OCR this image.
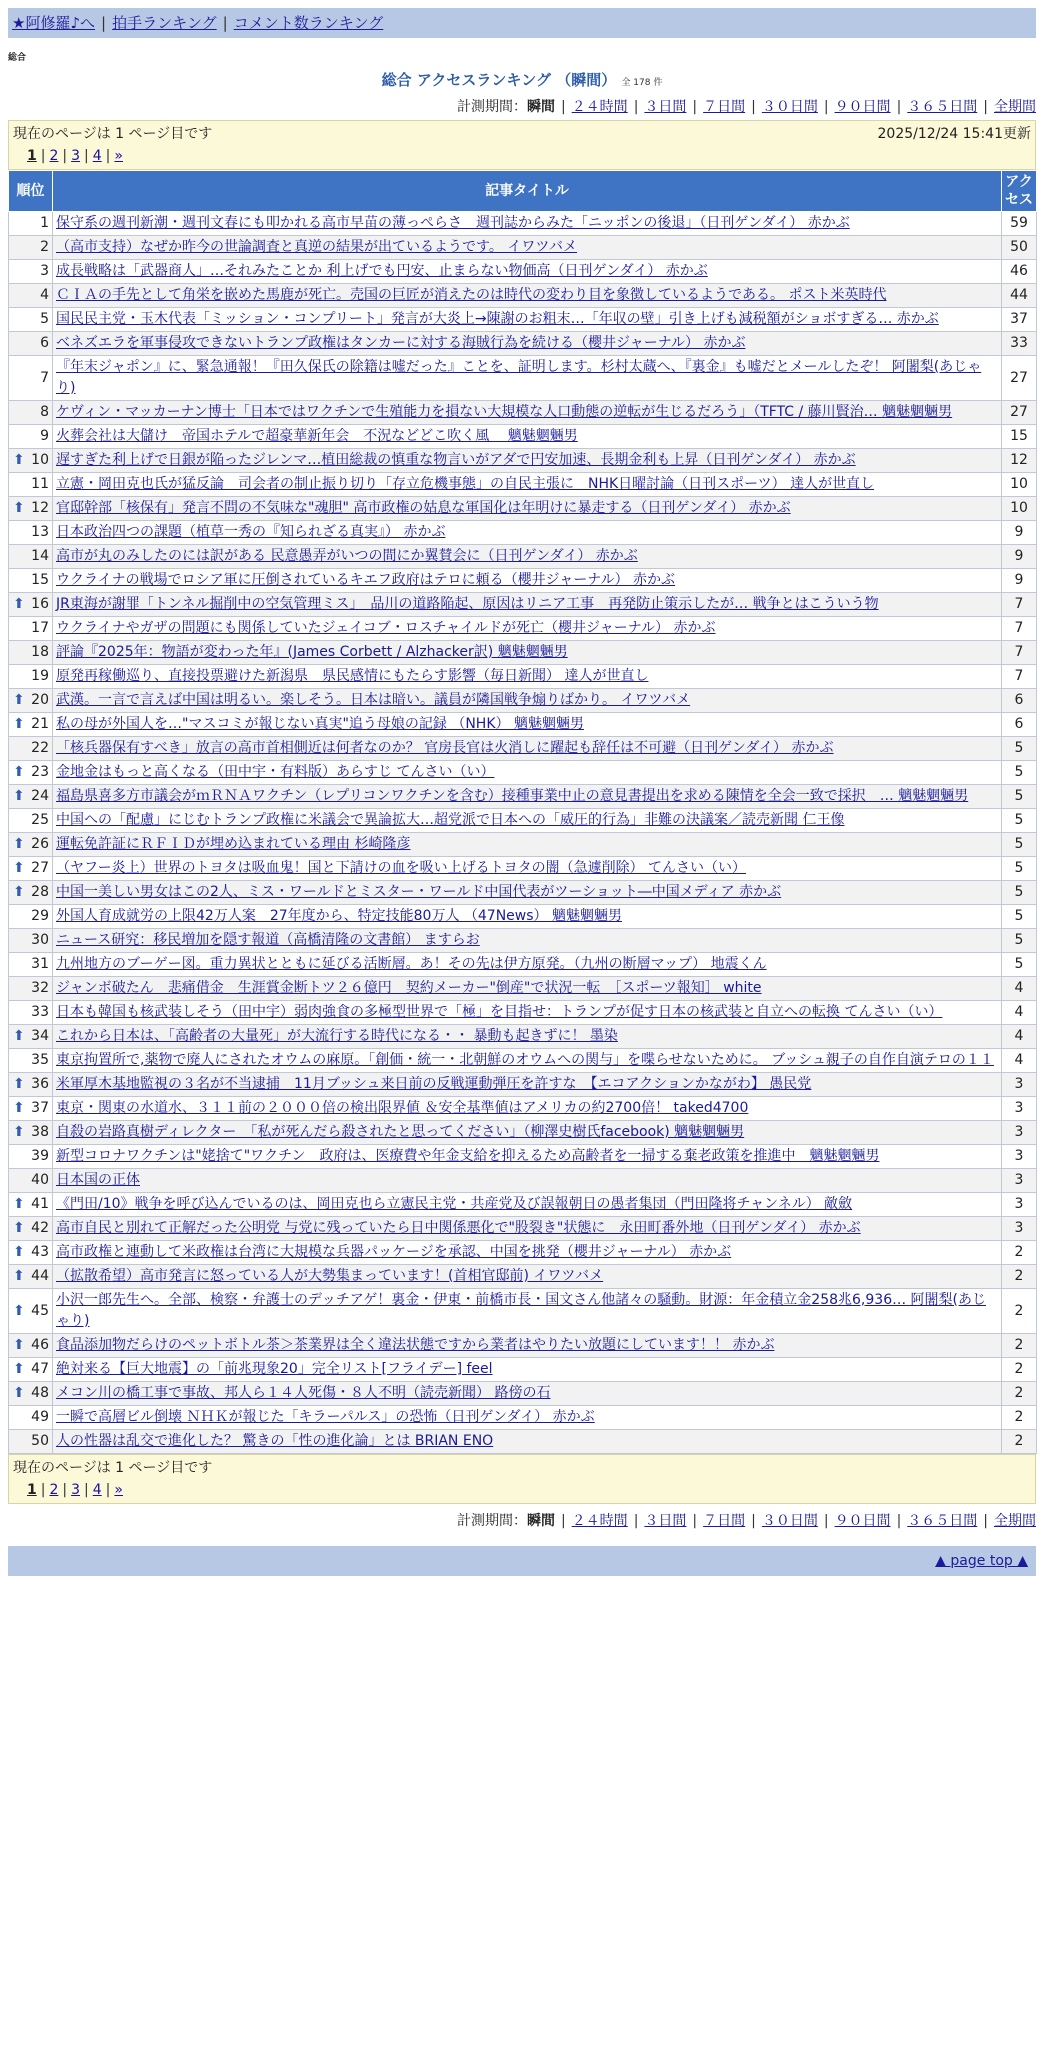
★阿修羅♪へ | 拍手ランキング | コメント数ランキング
総合
総合 アクセスランキング （瞬間） 全 178 件
計測期間：瞬間 | ２４時間 | ３日間 | ７日間 | ３０日間 | ９０日間 | ３６５日間 | 全期間
現在のページは 1 ページ目です	2025/12/24 15:41更新
1 | 2 | 3 | 4 | »
順位	記事タイトル	アクセス
1	保守系の週刊新潮・週刊文春にも叩かれる高市早苗の薄っぺらさ　週刊誌からみた「ニッポンの後退」（日刊ゲンダイ） 赤かぶ	59
2	（高市支持）なぜか昨今の世論調査と真逆の結果が出ているようです。 イワツバメ	50
3	成長戦略は「武器商人」…それみたことか 利上げでも円安、止まらない物価高（日刊ゲンダイ） 赤かぶ	46
4	ＣＩＡの手先として角栄を嵌めた馬鹿が死亡。売国の巨匠が消えたのは時代の変わり目を象徴しているようである。 ポスト米英時代	44
5	国民民主党・玉木代表「ミッション・コンプリート」発言が大炎上→陳謝のお粗末…「年収の壁」引き上げも減税額がショボすぎる… 赤かぶ	37
6	ベネズエラを軍事侵攻できないトランプ政権はタンカーに対する海賊行為を続ける（櫻井ジャーナル） 赤かぶ	33
7	『年末ジャポン』に、緊急通報！『田久保氏の除籍は嘘だった』ことを、証明します。杉村太蔵へ、『裏金』も嘘だとメールしたぞ！ 阿闍梨(あじゃり)	27
8	ケヴィン・マッカーナン博士「日本ではワクチンで生殖能力を損ない大規模な人口動態の逆転が生じるだろう」（TFTC / 藤川賢治… 魑魅魍魎男	27
9	火葬会社は大儲け　帝国ホテルで超豪華新年会　不況などどこ吹く風　 魑魅魍魎男	15

⬆ 10	遅すぎた利上げで日銀が陥ったジレンマ…植田総裁の慎重な物言いがアダで円安加速、長期金利も上昇（日刊ゲンダイ） 赤かぶ	12
11	立憲・岡田克也氏が猛反論　司会者の制止振り切り「存立危機事態」の自民主張に　NHK日曜討論（日刊スポーツ） 達人が世直し	10

⬆ 12	官邸幹部「核保有」発言不問の不気味な"魂胆" 高市政権の姑息な軍国化は年明けに暴走する（日刊ゲンダイ） 赤かぶ	10
13	日本政治四つの課題（植草一秀の『知られざる真実』） 赤かぶ	9
14	高市が丸のみしたのには訳がある 民意愚弄がいつの間にか翼賛会に（日刊ゲンダイ） 赤かぶ	9
15	ウクライナの戦場でロシア軍に圧倒されているキエフ政府はテロに頼る（櫻井ジャーナル） 赤かぶ	9

⬆ 16	JR東海が謝罪「トンネル掘削中の空気管理ミス」　品川の道路陥起、原因はリニア工事　再発防止策示したが… 戦争とはこういう物	7
17	ウクライナやガザの問題にも関係していたジェイコブ・ロスチャイルドが死亡（櫻井ジャーナル） 赤かぶ	7
18	評論『2025年：物語が変わった年』(James Corbett / Alzhacker訳) 魑魅魍魎男	7
19	原発再稼働巡り、直接投票避けた新潟県　県民感情にもたらす影響（毎日新聞） 達人が世直し	7

⬆ 20	武漢。一言で言えば中国は明るい。楽しそう。日本は暗い。議員が隣国戦争煽りばかり。 イワツバメ	6

⬆ 21	私の母が外国人を…"マスコミが報じない真実"追う母娘の記録 （NHK） 魑魅魍魎男	6
22	「核兵器保有すべき」放言の高市首相側近は何者なのか？ 官房長官は火消しに躍起も辞任は不可避（日刊ゲンダイ） 赤かぶ	5

⬆ 23	金地金はもっと高くなる（田中宇・有料版）あらすじ てんさい（い）	5

⬆ 24	福島県喜多方市議会がｍＲＮＡワクチン（レプリコンワクチンを含む）接種事業中止の意見書提出を求める陳情を全会一致で採択　… 魑魅魍魎男	5
25	中国への「配慮」にじむトランプ政権に米議会で異論拡大…超党派で日本への「威圧的行為」非難の決議案／読売新聞 仁王像	5

⬆ 26	運転免許証にＲＦＩＤが埋め込まれている理由 杉崎隆彦	5

⬆ 27	（ヤフー炎上）世界のトヨタは吸血鬼！国と下請けの血を吸い上げるトヨタの闇（急遽削除） てんさい（い）	5

⬆ 28	中国一美しい男女はこの2人、ミス・ワールドとミスター・ワールド中国代表がツーショット―中国メディア 赤かぶ	5
29	外国人育成就労の上限42万人案　27年度から、特定技能80万人 （47News） 魑魅魍魎男	5
30	ニュース研究：移民増加を隠す報道（高橋清隆の文書館） ますらお	5
31	九州地方のブーゲー図。重力異状とともに延びる活断層。あ！その先は伊方原発。（九州の断層マップ） 地震くん	5
32	ジャンボ破たん　悲痛借金　生涯賞金断トツ２６億円　契約メーカー"倒産"で状況一転　［スポーツ報知］ white	4
33	日本も韓国も核武装しそう（田中宇）弱肉強食の多極型世界で「極」を目指せ：トランプが促す日本の核武装と自立への転換 てんさい（い）	4

⬆ 34	これから日本は、「高齢者の大量死」が大流行する時代になる・・ 暴動も起きずに！ 墨染	4
35	東京拘置所で,薬物で廃人にされたオウムの麻原。「創価・統一・北朝鮮のオウムへの関与」を喋らせないために。 ブッシュ親子の自作自演テロの１１	4

⬆ 36	米軍厚木基地監視の３名が不当逮捕　11月ブッシュ来日前の反戦運動弾圧を許すな　【エコアクションかながわ】 愚民党	3

⬆ 37	東京・関東の水道水、３１１前の２０００倍の検出限界値 ＆安全基準値はアメリカの約2700倍！ taked4700	3

⬆ 38	自殺の岩路真樹ディレクター　「私が死んだら殺されたと思ってください」（柳澤史樹氏facebook) 魑魅魍魎男	3
39	新型コロナワクチンは"姥捨て"ワクチン　政府は、医療費や年金支給を抑えるため高齢者を一掃する棄老政策を推進中　魑魅魍魎男	3
40	日本国の正体	3

⬆ 41	《門田/10》戦争を呼び込んでいるのは、岡田克也ら立憲民主党・共産党及び誤報朝日の愚者集団（門田隆将チャンネル） 敵斂	3

⬆ 42	高市自民と別れて正解だった公明党 与党に残っていたら日中関係悪化で"股裂き"状態に　永田町番外地（日刊ゲンダイ） 赤かぶ	3

⬆ 43	高市政権と連動して米政権は台湾に大規模な兵器パッケージを承認、中国を挑発（櫻井ジャーナル） 赤かぶ	2

⬆ 44	（拡散希望）高市発言に怒っている人が大勢集まっています！(首相官邸前) イワツバメ	2

⬆ 45	小沢一郎先生へ。全部、検察・弁護士のデッチアゲ！裏金・伊東・前橋市長・国文さん他諸々の騒動。財源：年金積立金258兆6,936… 阿闍梨(あじゃり)	2

⬆ 46	食品添加物だらけのペットボトル茶＞茶業界は全く違法状態ですから業者はやりたい放題にしています！！ 赤かぶ	2

⬆ 47	絶対来る【巨大地震】の「前兆現象20」完全リスト[フライデー] feel	2

⬆ 48	メコン川の橋工事で事故、邦人ら１４人死傷・８人不明（読売新聞） 路傍の石	2
49	一瞬で高層ビル倒壊 ＮＨＫが報じた「キラーパルス」の恐怖（日刊ゲンダイ） 赤かぶ	2
50	人の性器は乱交で進化した？ 驚きの「性の進化論」とは BRIAN ENO	2
現在のページは 1 ページ目です
1 | 2 | 3 | 4 | »
計測期間：瞬間 | ２４時間 | ３日間 | ７日間 | ３０日間 | ９０日間 | ３６５日間 | 全期間
▲ page top ▲
